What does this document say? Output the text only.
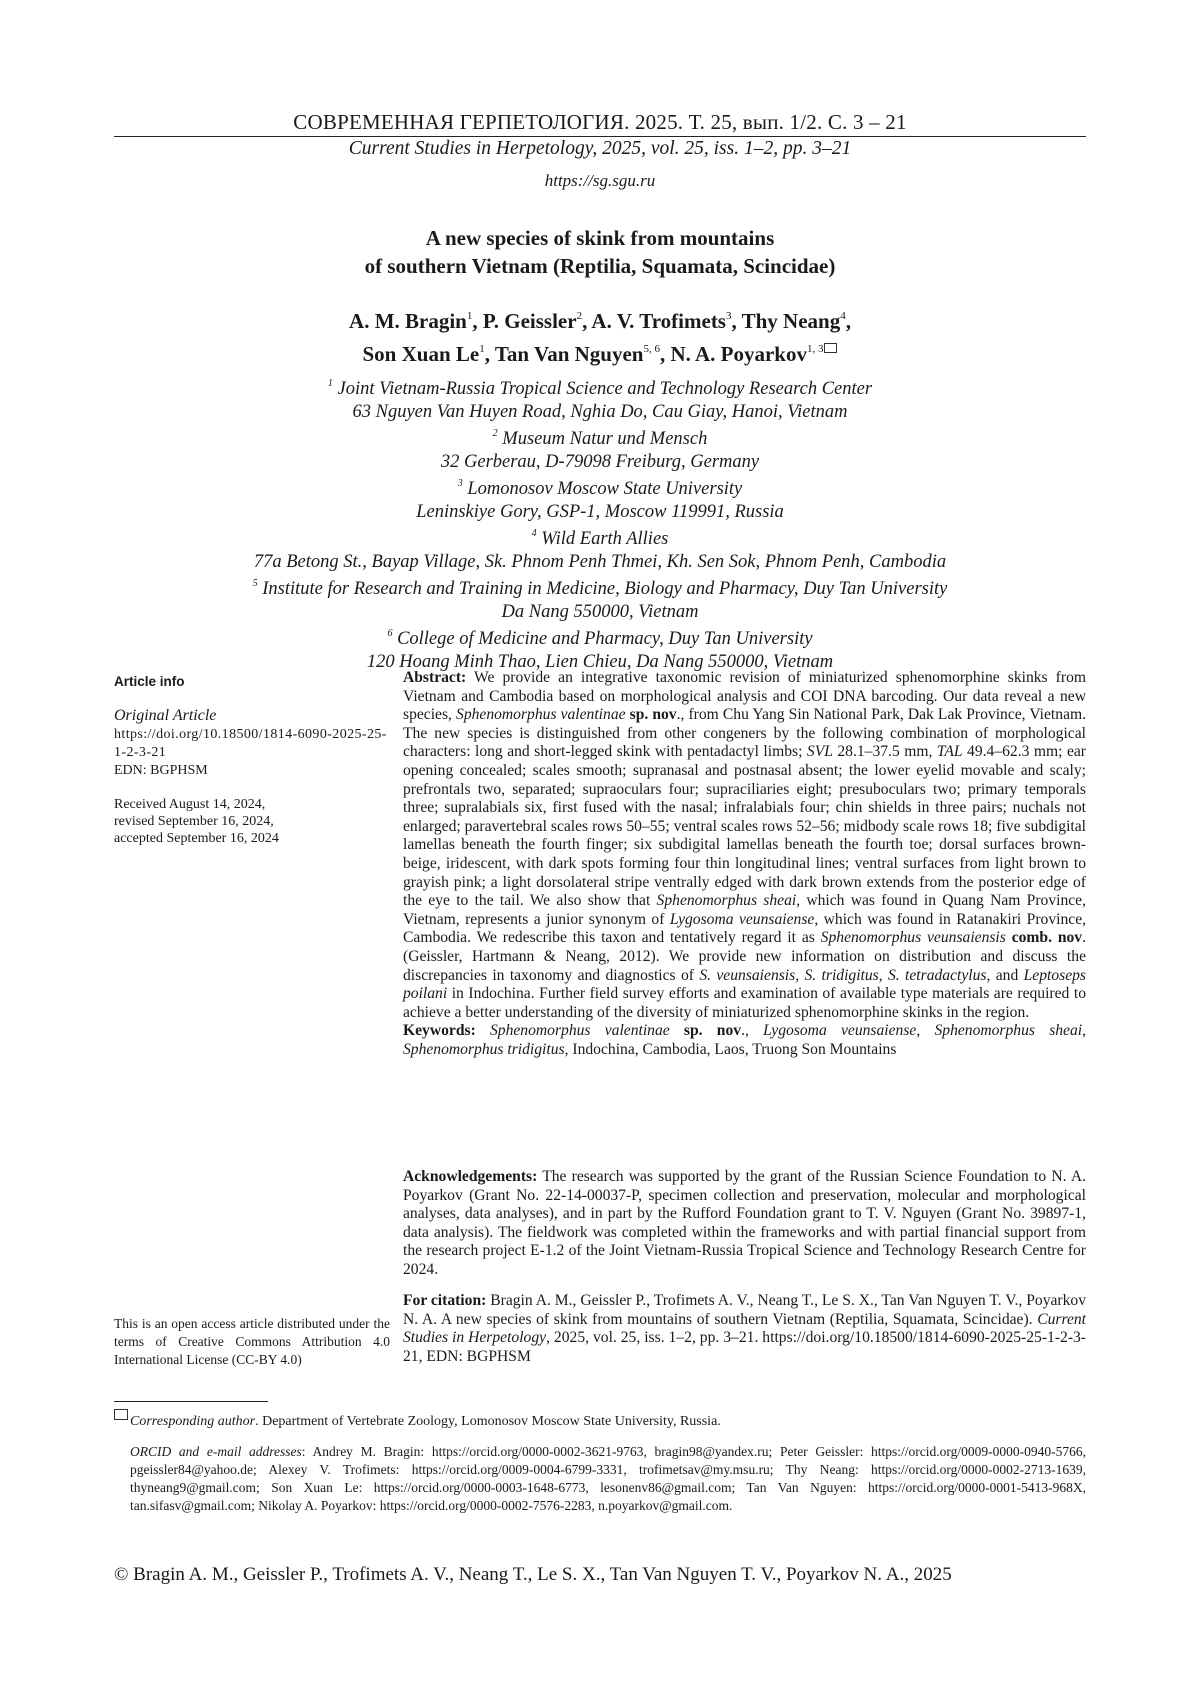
СОВРЕМЕННАЯ ГЕРПЕТОЛОГИЯ. 2025. Т. 25, вып. 1/2. С. 3 – 21
Current Studies in Herpetology, 2025, vol. 25, iss. 1–2, pp. 3–21
https://sg.sgu.ru
A new species of skink from mountains
of southern Vietnam (Reptilia, Squamata, Scincidae)
A. M. Bragin$^1$, P. Geissler$^2$, A. V. Trofimets$^3$, Thy Neang$^4$,
Son Xuan Le$^1$, Tan Van Nguyen$^{5, 6}$, N. A. Poyarkov$^{1, 3}$
$^1$ Joint Vietnam-Russia Tropical Science and Technology Research Center
63 Nguyen Van Huyen Road, Nghia Do, Cau Giay, Hanoi, Vietnam
$^2$ Museum Natur und Mensch
32 Gerberau, D-79098 Freiburg, Germany
$^3$ Lomonosov Moscow State University
Leninskiye Gory, GSP-1, Moscow 119991, Russia
$^4$ Wild Earth Allies
77a Betong St., Bayap Village, Sk. Phnom Penh Thmei, Kh. Sen Sok, Phnom Penh, Cambodia
$^5$ Institute for Research and Training in Medicine, Biology and Pharmacy, Duy Tan University
Da Nang 550000, Vietnam
$^6$ College of Medicine and Pharmacy, Duy Tan University
120 Hoang Minh Thao, Lien Chieu, Da Nang 550000, Vietnam
Article info
Original Article
https://doi.org/10.18500/1814-6090-2025-25-1-2-3-21
EDN: BGPHSM
Received August 14, 2024,
revised September 16, 2024,
accepted September 16, 2024
This is an open access article distributed under the terms of Creative Commons Attribution 4.0 International License (CC-BY 4.0)
Abstract: We provide an integrative taxonomic revision of miniaturized sphenomorphine skinks from Vietnam and Cambodia based on morphological analysis and COI DNA barcoding. Our data reveal a new species, Sphenomorphus valentinae sp. nov., from Chu Yang Sin National Park, Dak Lak Province, Vietnam. The new species is distinguished from other congeners by the following combination of morphological characters: long and short-legged skink with pentadactyl limbs; SVL 28.1–37.5 mm, TAL 49.4–62.3 mm; ear opening concealed; scales smooth; supranasal and postnasal absent; the lower eyelid movable and scaly; prefrontals two, separated; supraoculars four; supraciliaries eight; presuboculars two; primary temporals three; supralabials six, first fused with the nasal; infralabials four; chin shields in three pairs; nuchals not enlarged; paravertebral scales rows 50–55; ventral scales rows 52–56; midbody scale rows 18; five subdigital lamellas beneath the fourth finger; six subdigital lamellas beneath the fourth toe; dorsal surfaces brown-beige, iridescent, with dark spots forming four thin longitudinal lines; ventral surfaces from light brown to grayish pink; a light dorsolateral stripe ventrally edged with dark brown extends from the posterior edge of the eye to the tail. We also show that Sphenomorphus sheai, which was found in Quang Nam Province, Vietnam, represents a junior synonym of Lygosoma veunsaiense, which was found in Ratanakiri Province, Cambodia. We redescribe this taxon and tentatively regard it as Sphenomorphus veunsaiensis comb. nov. (Geissler, Hartmann & Neang, 2012). We provide new information on distribution and discuss the discrepancies in taxonomy and diagnostics of S. veunsaiensis, S. tridigitus, S. tetradactylus, and Leptoseps poilani in Indochina. Further field survey efforts and examination of available type materials are required to achieve a better understanding of the diversity of miniaturized sphenomorphine skinks in the region.
Keywords: Sphenomorphus valentinae sp. nov., Lygosoma veunsaiense, Sphenomorphus sheai, Sphenomorphus tridigitus, Indochina, Cambodia, Laos, Truong Son Mountains
Acknowledgements: The research was supported by the grant of the Russian Science Foundation to N. A. Poyarkov (Grant No. 22-14-00037-P, specimen collection and preservation, molecular and morphological analyses, data analyses), and in part by the Rufford Foundation grant to T. V. Nguyen (Grant No. 39897-1, data analysis). The fieldwork was completed within the frameworks and with partial financial support from the research project E-1.2 of the Joint Vietnam-Russia Tropical Science and Technology Research Centre for 2024.
For citation: Bragin A. M., Geissler P., Trofimets A. V., Neang T., Le S. X., Tan Van Nguyen T. V., Poyarkov N. A. A new species of skink from mountains of southern Vietnam (Reptilia, Squamata, Scincidae). Current Studies in Herpetology, 2025, vol. 25, iss. 1–2, pp. 3–21. https://doi.org/10.18500/1814-6090-2025-25-1-2-3-21, EDN: BGPHSM
Corresponding author. Department of Vertebrate Zoology, Lomonosov Moscow State University, Russia.
ORCID and e-mail addresses: Andrey M. Bragin: https://orcid.org/0000-0002-3621-9763, bragin98@yandex.ru; Peter Geissler: https://orcid.org/0009-0000-0940-5766, pgeissler84@yahoo.de; Alexey V. Trofimets: https://orcid.org/0009-0004-6799-3331, trofimetsav@my.msu.ru; Thy Neang: https://orcid.org/0000-0002-2713-1639, thyneang9@gmail.com; Son Xuan Le: https://orcid.org/0000-0003-1648-6773, lesonenv86@gmail.com; Tan Van Nguyen: https://orcid.org/0000-0001-5413-968X, tan.sifasv@gmail.com; Nikolay A. Poyarkov: https://orcid.org/0000-0002-7576-2283, n.poyarkov@gmail.com.
© Bragin A. M., Geissler P., Trofimets A. V., Neang T., Le S. X., Tan Van Nguyen T. V., Poyarkov N. A., 2025
